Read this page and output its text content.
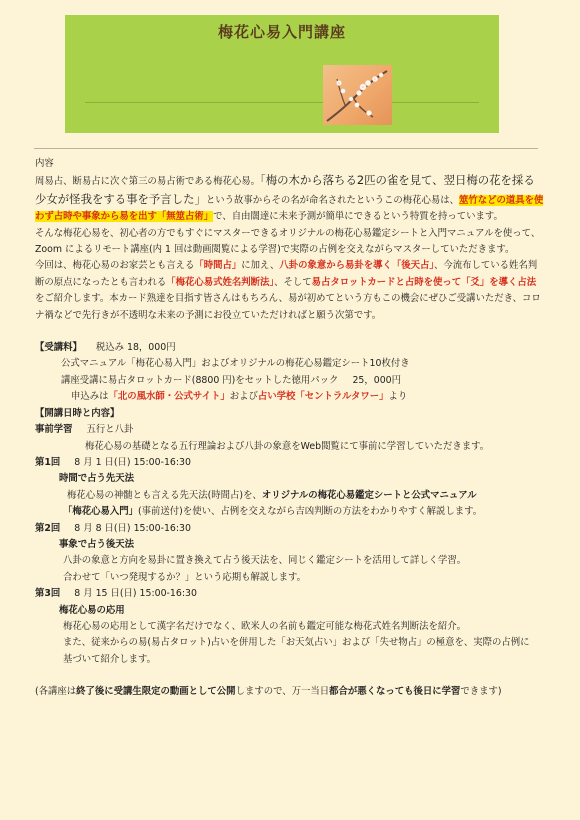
梅花心易入門講座

内容

周易占、断易占に次ぐ第三の易占術である梅花心易。「梅の木から落ちる2匹の雀を見て、翌日梅の花を採る少女が怪我をする事を予言した」という故事からその名が命名されたというこの梅花心易は、筮竹などの道具を使わず占時や事象から易を出す「無筮占術」で、自由闊達に未来予測が簡単にできるという特質を持っています。

そんな梅花心易を、初心者の方でもすぐにマスターできるオリジナルの梅花心易鑑定シートと入門マニュアルを使って、Zoom によるリモート講座(内 1 回は動画閲覧による学習)で実際の占例を交えながらマスターしていただきます。

今回は、梅花心易のお家芸とも言える「時間占」に加え、八卦の象意から易卦を導く「後天占」、今流布している姓名判断の原点になったとも言われる「梅花心易式姓名判断法」、そして易占タロットカードと占時を使って「爻」を導く占法をご紹介します。本カード熟達を目指す皆さんはもちろん、易が初めてという方もこの機会にぜひご受講いただき、コロナ禍などで先行きが不透明な未来の予測にお役立ていただければと願う次第です。

【受講料】 税込み 18，000円

公式マニュアル「梅花心易入門」およびオリジナルの梅花心易鑑定シート10枚付き

講座受講に易占タロットカード(8800 円)をセットした徳用パック 25，000円

申込みは「北の風水師・公式サイト」および占い学校「セントラルタワー」より

【開講日時と内容】

事前学習 五行と八卦

梅花心易の基礎となる五行理論および八卦の象意をWeb閲覧にて事前に学習していただきます。

第1回 8 月 1 日(日) 15:00-16:30

時間で占う先天法

梅花心易の神髄とも言える先天法(時間占)を、オリジナルの梅花心易鑑定シートと公式マニュアル

「梅花心易入門」(事前送付)を使い、占例を交えながら吉凶判断の方法をわかりやすく解説します。

第2回 8 月 8 日(日) 15:00-16:30

事象で占う後天法

八卦の象意と方向を易卦に置き換えて占う後天法を、同じく鑑定シートを活用して詳しく学習。

合わせて「いつ発現するか？」という応期も解説します。

第3回 8 月 15 日(日) 15:00-16:30

梅花心易の応用

梅花心易の応用として漢字名だけでなく、欧米人の名前も鑑定可能な梅花式姓名判断法を紹介。

また、従来からの易(易占タロット)占いを併用した「お天気占い」および「失せ物占」の極意を、実際の占例に

基づいて紹介します。

(各講座は終了後に受講生限定の動画として公開しますので、万一当日都合が悪くなっても後日に学習できます)
